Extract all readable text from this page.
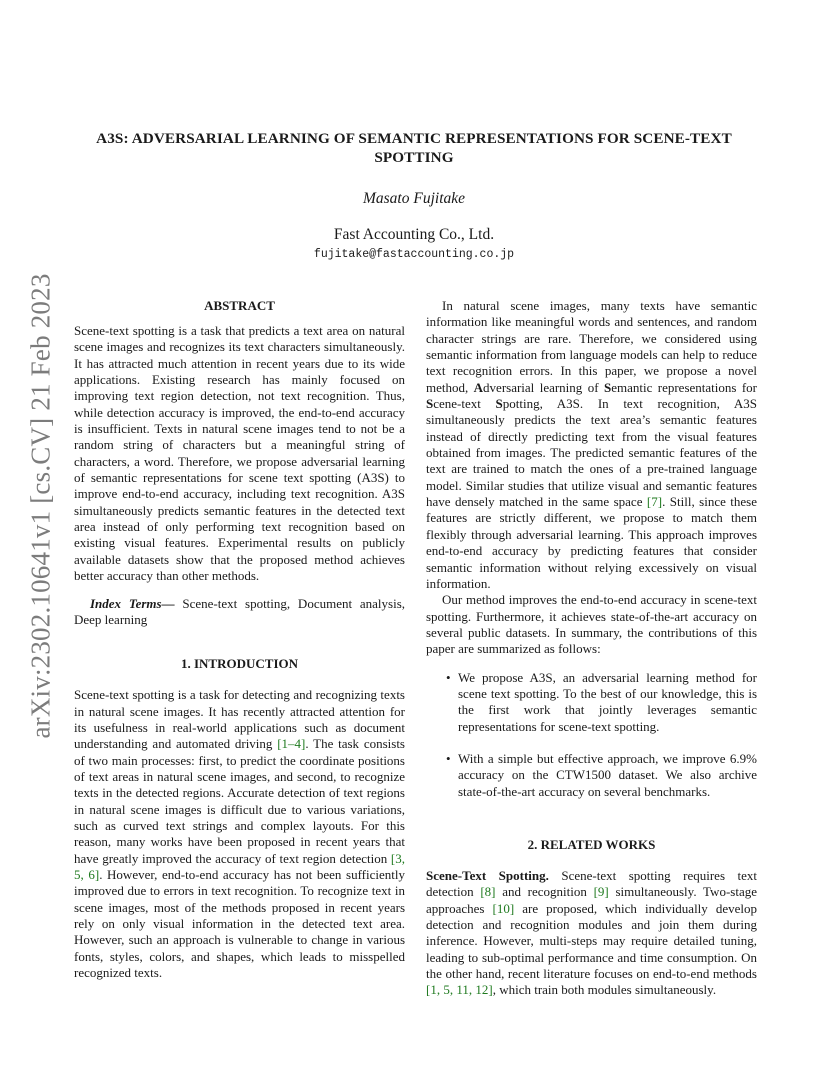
arXiv:2302.10641v1 [cs.CV] 21 Feb 2023
A3S: ADVERSARIAL LEARNING OF SEMANTIC REPRESENTATIONS FOR SCENE-TEXT SPOTTING
Masato Fujitake
Fast Accounting Co., Ltd.
fujitake@fastaccounting.co.jp

ABSTRACT

Scene-text spotting is a task that predicts a text area on natural scene images and recognizes its text characters simultaneously. It has attracted much attention in recent years due to its wide applications. Existing research has mainly focused on improving text region detection, not text recognition. Thus, while detection accuracy is improved, the end-to-end accuracy is insufficient. Texts in natural scene images tend to not be a random string of characters but a meaningful string of characters, a word. Therefore, we propose adversarial learning of semantic representations for scene text spotting (A3S) to improve end-to-end accuracy, including text recognition. A3S simultaneously predicts semantic features in the detected text area instead of only performing text recognition based on existing visual features. Experimental results on publicly available datasets show that the proposed method achieves better accuracy than other methods.

Index Terms— Scene-text spotting, Document analysis, Deep learning

1. INTRODUCTION

Scene-text spotting is a task for detecting and recognizing texts in natural scene images. It has recently attracted attention for its usefulness in real-world applications such as document understanding and automated driving [1–4]. The task consists of two main processes: first, to predict the coordinate positions of text areas in natural scene images, and second, to recognize texts in the detected regions. Accurate detection of text regions in natural scene images is difficult due to various variations, such as curved text strings and complex layouts. For this reason, many works have been proposed in recent years that have greatly improved the accuracy of text region detection [3, 5, 6]. However, end-to-end accuracy has not been sufficiently improved due to errors in text recognition. To recognize text in scene images, most of the methods proposed in recent years rely on only visual information in the detected text area. However, such an approach is vulnerable to change in various fonts, styles, colors, and shapes, which leads to misspelled recognized texts.

In natural scene images, many texts have semantic information like meaningful words and sentences, and random character strings are rare. Therefore, we considered using semantic information from language models can help to reduce text recognition errors. In this paper, we propose a novel method, Adversarial learning of Semantic representations for Scene-text Spotting, A3S. In text recognition, A3S simultaneously predicts the text area’s semantic features instead of directly predicting text from the visual features obtained from images. The predicted semantic features of the text are trained to match the ones of a pre-trained language model. Similar studies that utilize visual and semantic features have densely matched in the same space [7]. Still, since these features are strictly different, we propose to match them flexibly through adversarial learning. This approach improves end-to-end accuracy by predicting features that consider semantic information without relying excessively on visual information.

Our method improves the end-to-end accuracy in scene-text spotting. Furthermore, it achieves state-of-the-art accuracy on several public datasets. In summary, the contributions of this paper are summarized as follows:

• We propose A3S, an adversarial learning method for scene text spotting. To the best of our knowledge, this is the first work that jointly leverages semantic representations for scene-text spotting.
• With a simple but effective approach, we improve 6.9% accuracy on the CTW1500 dataset. We also archive state-of-the-art accuracy on several benchmarks.

2. RELATED WORKS

Scene-Text Spotting. Scene-text spotting requires text detection [8] and recognition [9] simultaneously. Two-stage approaches [10] are proposed, which individually develop detection and recognition modules and join them during inference. However, multi-steps may require detailed tuning, leading to sub-optimal performance and time consumption. On the other hand, recent literature focuses on end-to-end methods [1, 5, 11, 12], which train both modules simultaneously.
